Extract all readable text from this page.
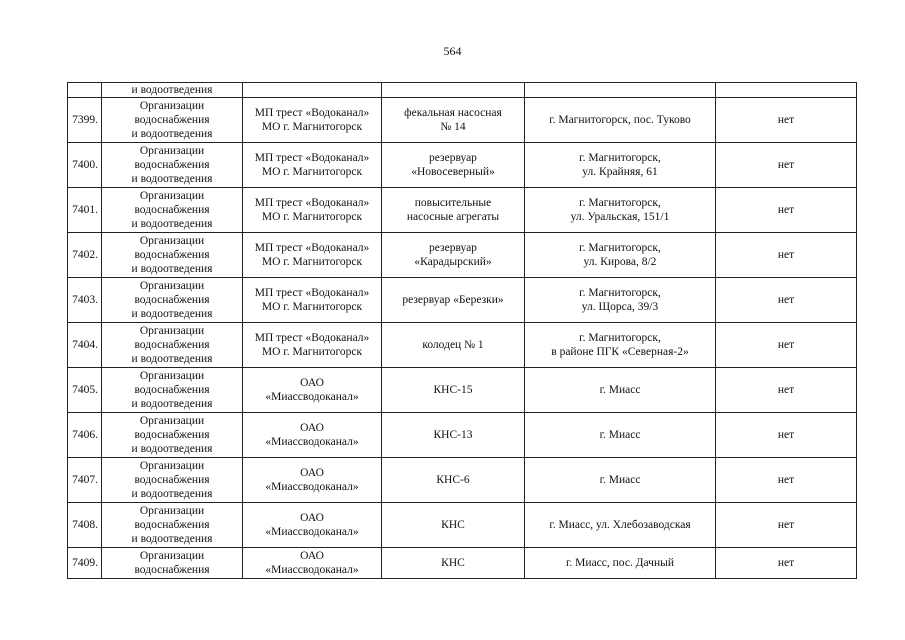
564
	и водоотведения				
7399.	Организации
водоснабжения
и водоотведения	МП трест «Водоканал»
МО г. Магнитогорск	фекальная насосная
№ 14	г. Магнитогорск, пос. Туково	нет
7400.	Организации
водоснабжения
и водоотведения	МП трест «Водоканал»
МО г. Магнитогорск	резервуар
«Новосеверный»	г. Магнитогорск,
ул. Крайняя, 61	нет
7401.	Организации
водоснабжения
и водоотведения	МП трест «Водоканал»
МО г. Магнитогорск	повысительные
насосные агрегаты	г. Магнитогорск,
ул. Уральская, 151/1	нет
7402.	Организации
водоснабжения
и водоотведения	МП трест «Водоканал»
МО г. Магнитогорск	резервуар
«Карадырский»	г. Магнитогорск,
ул. Кирова, 8/2	нет
7403.	Организации
водоснабжения
и водоотведения	МП трест «Водоканал»
МО г. Магнитогорск	резервуар «Березки»	г. Магнитогорск,
ул. Щорса, 39/3	нет
7404.	Организации
водоснабжения
и водоотведения	МП трест «Водоканал»
МО г. Магнитогорск	колодец № 1	г. Магнитогорск,
в районе ПГК «Северная-2»	нет
7405.	Организации
водоснабжения
и водоотведения	ОАО
«Миассводоканал»	КНС-15	г. Миасс	нет
7406.	Организации
водоснабжения
и водоотведения	ОАО
«Миассводоканал»	КНС-13	г. Миасс	нет
7407.	Организации
водоснабжения
и водоотведения	ОАО
«Миассводоканал»	КНС-6	г. Миасс	нет
7408.	Организации
водоснабжения
и водоотведения	ОАО
«Миассводоканал»	КНС	г. Миасс, ул. Хлебозаводская	нет
7409.	Организации
водоснабжения	ОАО
«Миассводоканал»	КНС	г. Миасс, пос. Дачный	нет
